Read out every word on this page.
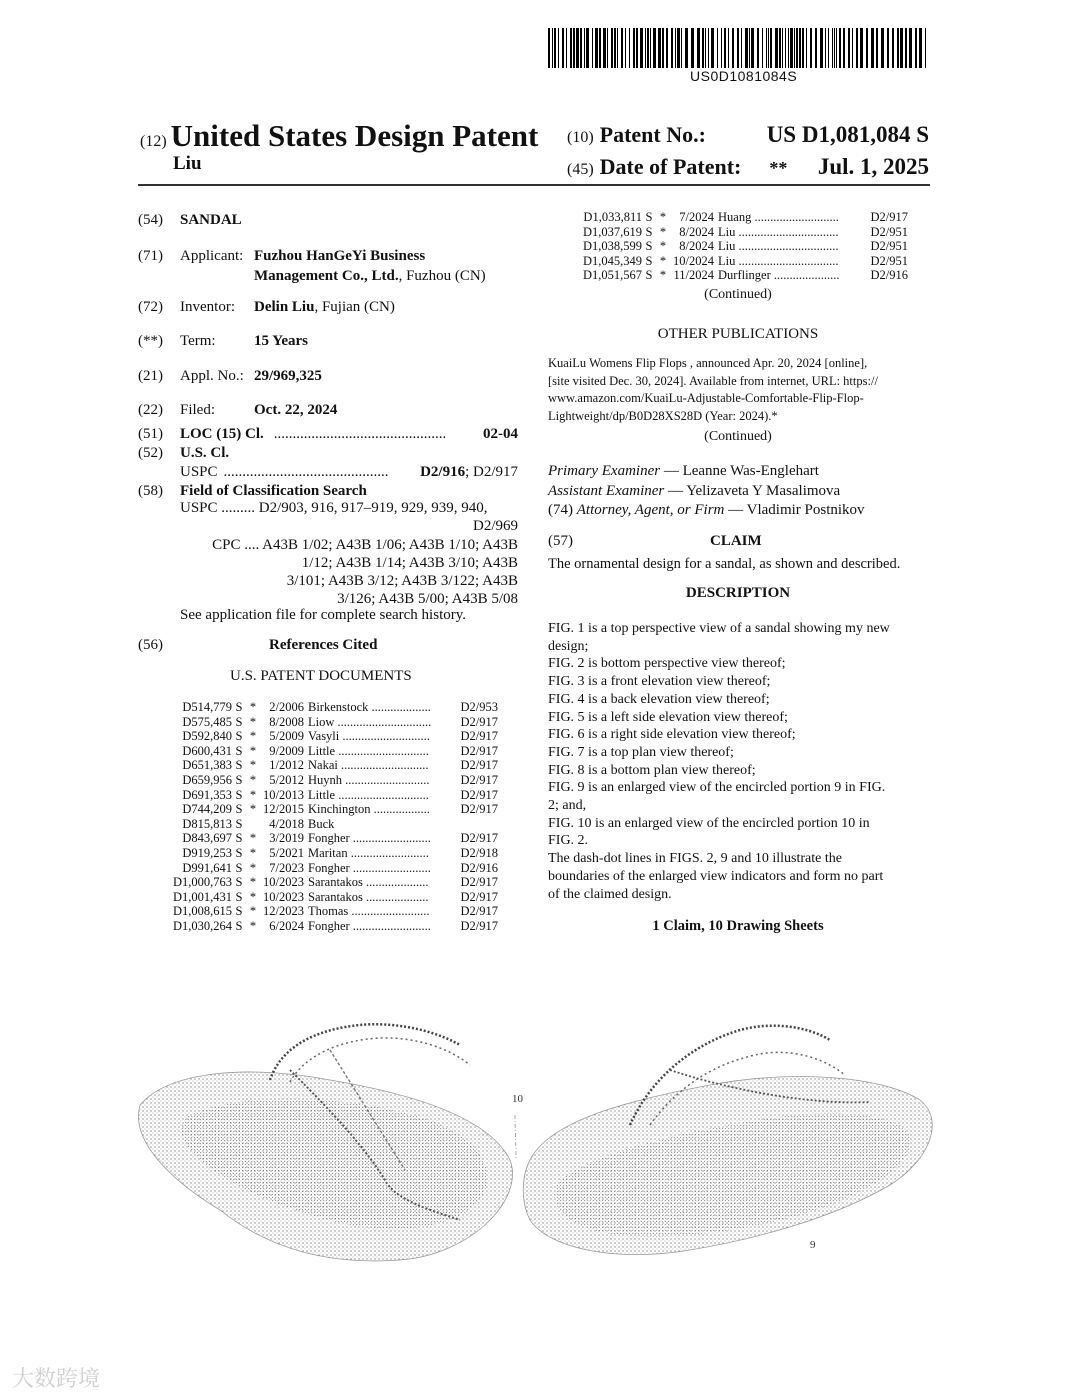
US0D1081084S
(12) United States Design Patent
Liu
(10) Patent No.:	US D1,081,084 S
(45) Date of Patent: ** Jul. 1, 2025
(54)	SANDAL
(71)	Applicant: Fuzhou HanGeYi Business
Management Co., Ltd., Fuzhou (CN)
(72)	Inventor: Delin Liu, Fujian (CN)
(**)	Term:	15 Years
(21)	Appl. No.: 29/969,325
(22)	Filed:	Oct. 22, 2024
(51)	LOC (15) Cl. ..............................................	02-04
(52)	U.S. Cl.
USPC ............................................	D2/916 ; D2/917
(58)	Field of Classification Search
USPC ......... D2/903, 916, 917–919, 929, 939, 940,
D2/969
CPC .... A43B 1/02; A43B 1/06; A43B 1/10; A43B
1/12; A43B 1/14; A43B 3/10; A43B
3/101; A43B 3/12; A43B 3/122; A43B
3/126; A43B 5/00; A43B 5/08
See application file for complete search history.
(56)	References Cited
U.S. PATENT DOCUMENTS
D514,779	S	*	2/2006	Birkenstock ...................	D2/953
D575,485	S	*	8/2008	Liow ..............................	D2/917
D592,840	S	*	5/2009	Vasyli ............................	D2/917
D600,431	S	*	9/2009	Little .............................	D2/917
D651,383	S	*	1/2012	Nakai ............................	D2/917
D659,956	S	*	5/2012	Huynh ...........................	D2/917
D691,353	S	*	10/2013	Little .............................	D2/917
D744,209	S	*	12/2015	Kinchington ..................	D2/917
D815,813	S		4/2018	Buck	
D843,697	S	*	3/2019	Fongher .........................	D2/917
D919,253	S	*	5/2021	Maritan .........................	D2/918
D991,641	S	*	7/2023	Fongher .........................	D2/916
D1,000,763	S	*	10/2023	Sarantakos ....................	D2/917
D1,001,431	S	*	10/2023	Sarantakos ....................	D2/917
D1,008,615	S	*	12/2023	Thomas .........................	D2/917
D1,030,264	S	*	6/2024	Fongher .........................	D2/917
D1,033,811	S	*	7/2024	Huang ...........................	D2/917
D1,037,619	S	*	8/2024	Liu ................................	D2/951
D1,038,599	S	*	8/2024	Liu ................................	D2/951
D1,045,349	S	*	10/2024	Liu ................................	D2/951
D1,051,567	S	*	11/2024	Durflinger .....................	D2/916
(Continued)
OTHER PUBLICATIONS
KuaiLu Womens Flip Flops , announced Apr. 20, 2024 [online],
[site visited Dec. 30, 2024]. Available from internet, URL: https://
www.amazon.com/KuaiLu-Adjustable-Comfortable-Flip-Flop-
Lightweight/dp/B0D28XS28D (Year: 2024).*
(Continued)
Primary Examiner — Leanne Was-Englehart
Assistant Examiner — Yelizaveta Y Masalimova
(74) Attorney, Agent, or Firm — Vladimir Postnikov
(57)	CLAIM
The ornamental design for a sandal, as shown and described.
DESCRIPTION

FIG. 1 is a top perspective view of a sandal showing my new

design;

FIG. 2 is bottom perspective view thereof;

FIG. 3 is a front elevation view thereof;

FIG. 4 is a back elevation view thereof;

FIG. 5 is a left side elevation view thereof;

FIG. 6 is a right side elevation view thereof;

FIG. 7 is a top plan view thereof;

FIG. 8 is a bottom plan view thereof;

FIG. 9 is an enlarged view of the encircled portion 9 in FIG.

2; and,

FIG. 10 is an enlarged view of the encircled portion 10 in

FIG. 2.

The dash-dot lines in FIGS. 2, 9 and 10 illustrate the

boundaries of the enlarged view indicators and form no part

of the claimed design.

1 Claim, 10 Drawing Sheets
10
9
大数跨境
